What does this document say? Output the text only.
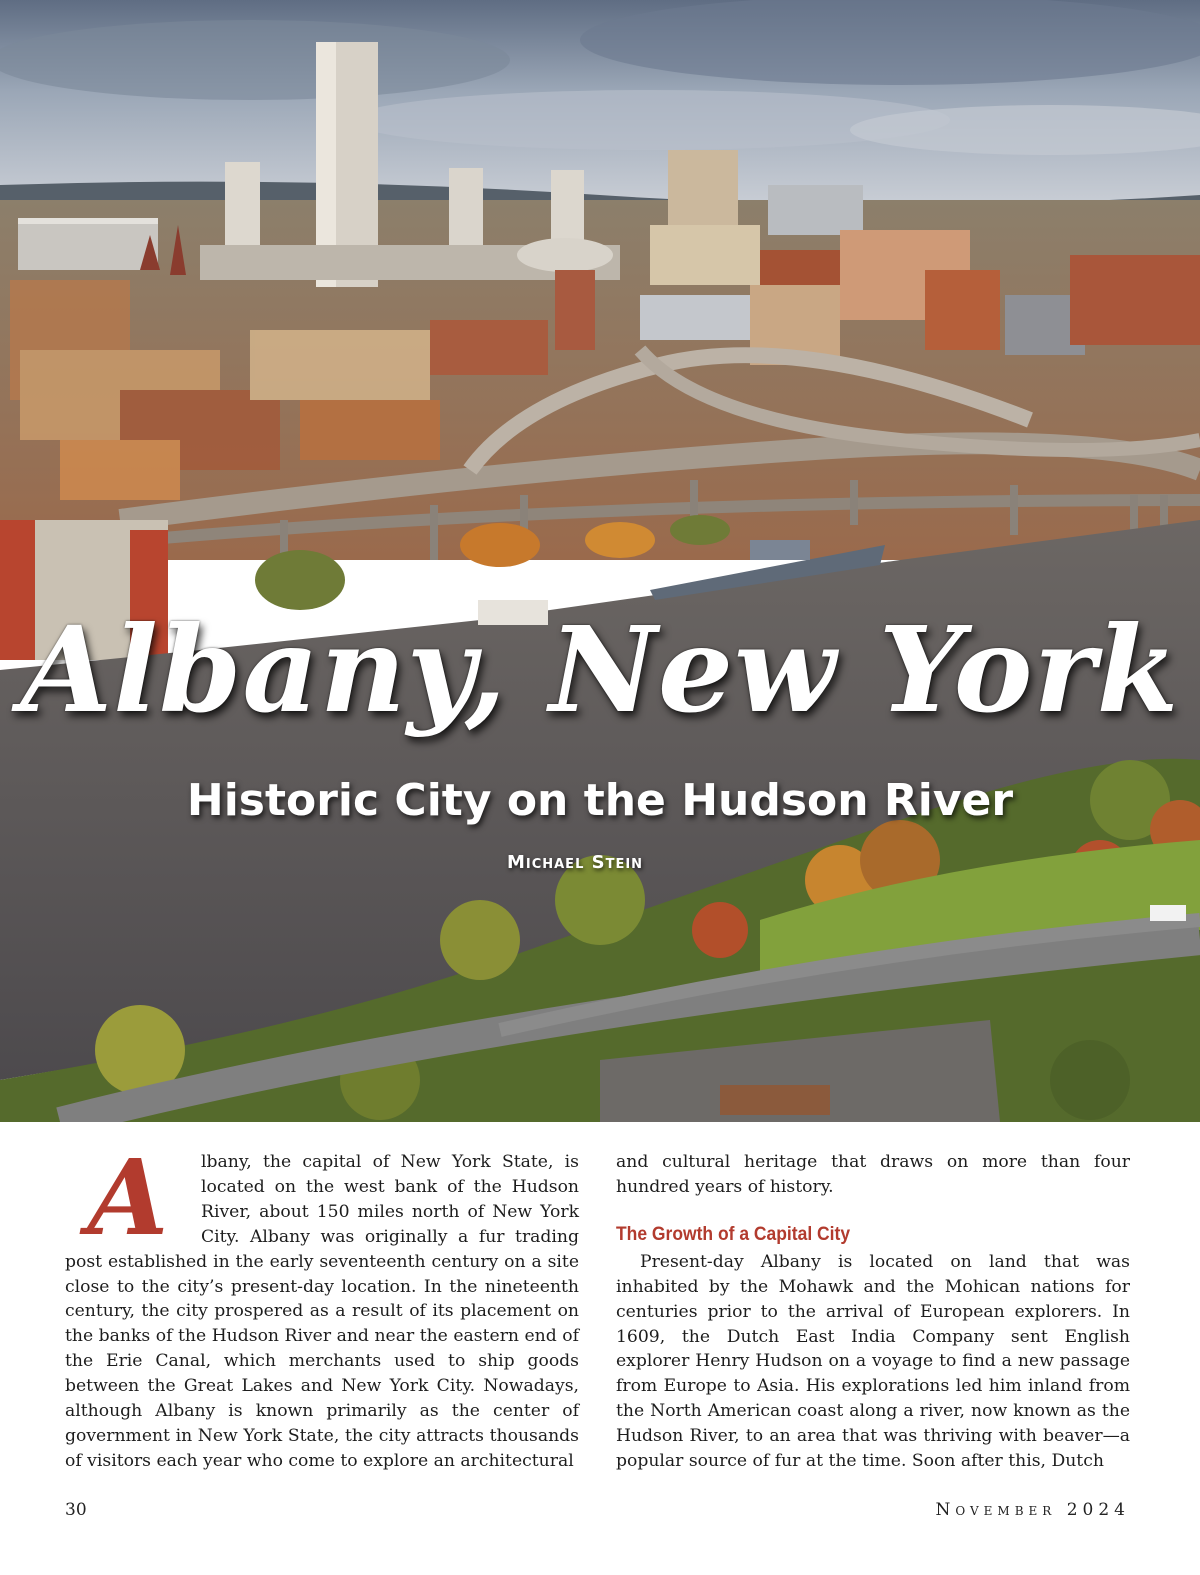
Albany, New York
Historic City on the Hudson River
Michael Stein

A	lbany, the capital of New York State, is located on the west bank of the Hudson River, about 150 miles north of New York City. Albany was originally a fur trading post established in the early seventeenth century on a site close to the city’s present-day location. In the nineteenth century, the city prospered as a result of its placement on the banks of the Hudson River and near the eastern end of the Erie Canal, which merchants used to ship goods between the Great Lakes and New York City. Nowadays, although Albany is known primarily as the center of government in New York State, the city attracts thousands of visitors each year who come to explore an architectural

and cultural heritage that draws on more than four hundred years of history.

The Growth of a Capital City

Present-day Albany is located on land that was inhabited by the Mohawk and the Mohican nations for centuries prior to the arrival of European explorers. In 1609, the Dutch East India Company sent English explorer Henry Hudson on a voyage to find a new passage from Europe to Asia. His explorations led him inland from the North American coast along a river, now known as the Hudson River, to an area that was thriving with beaver—a popular source of fur at the time. Soon after this, Dutch

30	November 2024
